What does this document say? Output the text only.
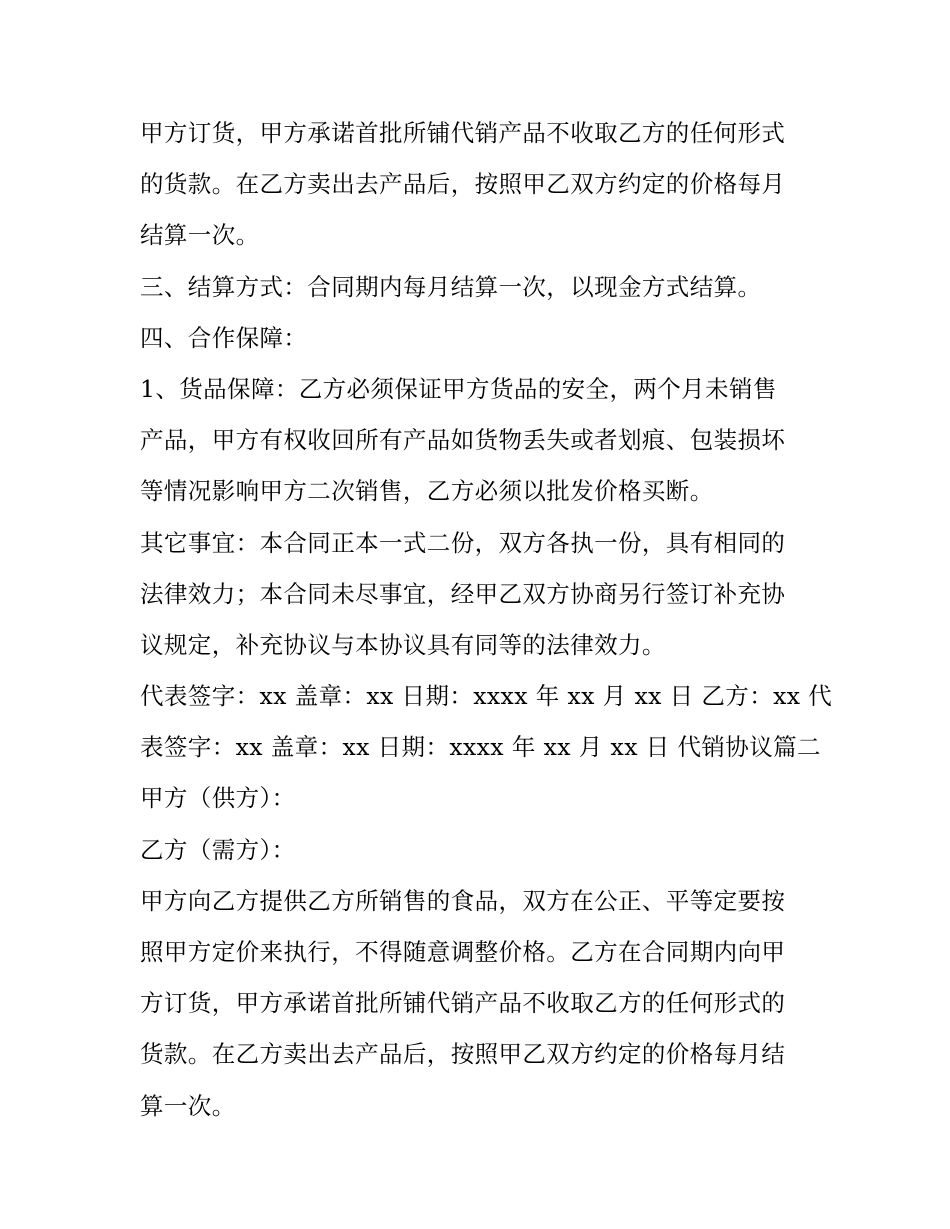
甲方订货，甲方承诺首批所铺代销产品不收取乙方的任何形式
的货款。在乙方卖出去产品后，按照甲乙双方约定的价格每月
结算一次。
三、结算方式：合同期内每月结算一次，以现金方式结算。
四、合作保障：
1、货品保障：乙方必须保证甲方货品的安全，两个月未销售
产品，甲方有权收回所有产品如货物丢失或者划痕、包装损坏
等情况影响甲方二次销售，乙方必须以批发价格买断。
其它事宜：本合同正本一式二份，双方各执一份，具有相同的
法律效力；本合同未尽事宜，经甲乙双方协商另行签订补充协
议规定，补充协议与本协议具有同等的法律效力。
代表签字：xx 盖章：xx 日期：xxxx 年 xx 月 xx 日 乙方：xx 代
表签字：xx 盖章：xx 日期：xxxx 年 xx 月 xx 日 代销协议篇二
甲方（供方）：
乙方（需方）：
甲方向乙方提供乙方所销售的食品，双方在公正、平等定要按
照甲方定价来执行，不得随意调整价格。乙方在合同期内向甲
方订货，甲方承诺首批所铺代销产品不收取乙方的任何形式的
货款。在乙方卖出去产品后，按照甲乙双方约定的价格每月结
算一次。
